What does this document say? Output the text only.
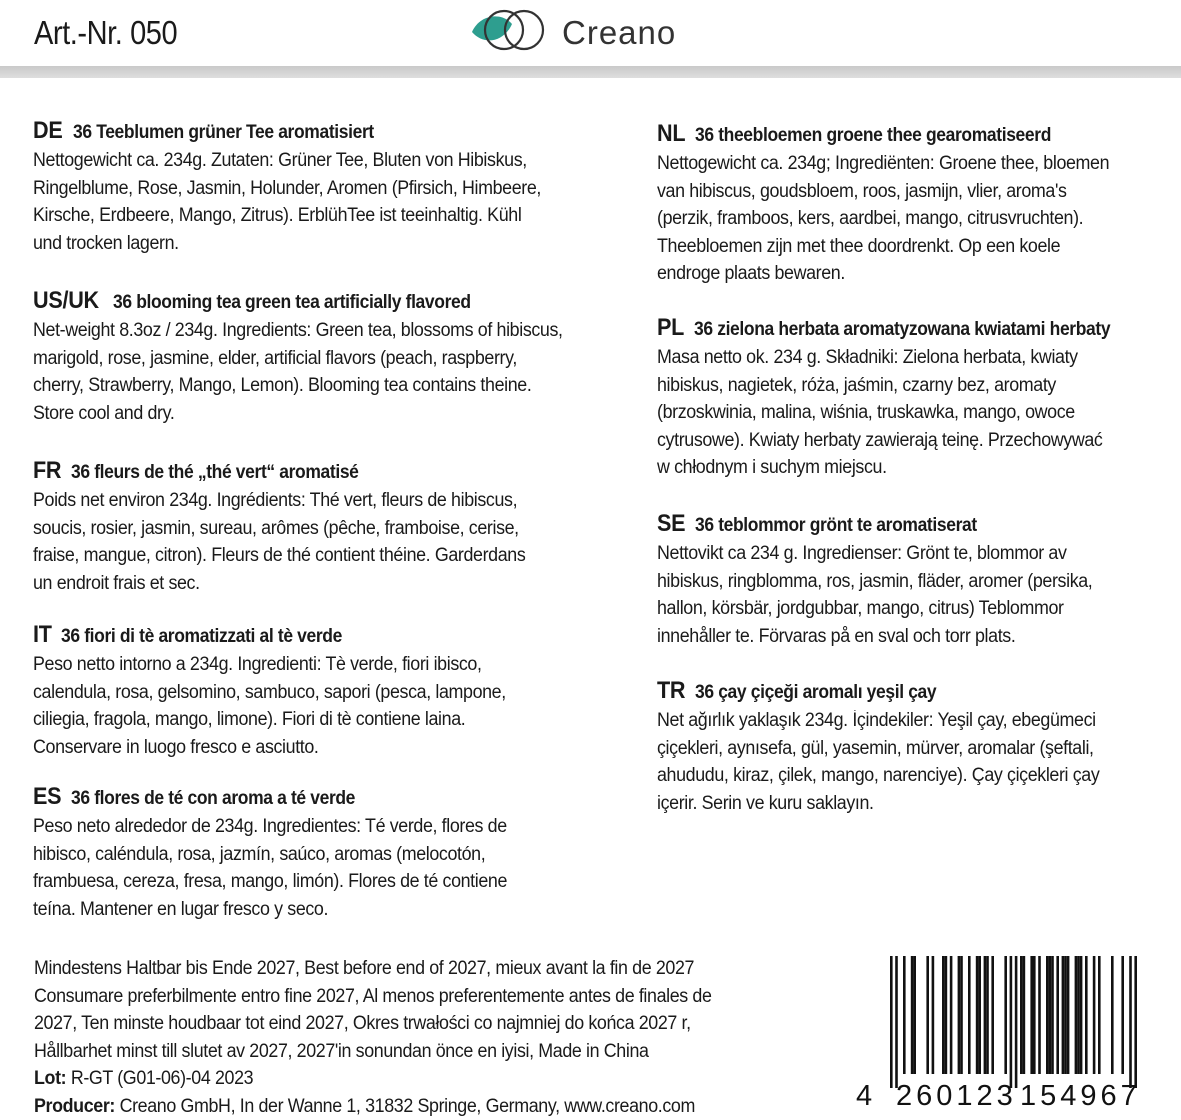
Art.-Nr. 050	Creano
DE 36 Teeblumen grüner Tee aromatisiert
Nettogewicht ca. 234g. Zutaten: Grüner Tee, Bluten von Hibiskus,
Ringelblume, Rose, Jasmin, Holunder, Aromen (Pfirsich, Himbeere,
Kirsche, Erdbeere, Mango, Zitrus). ErblühTee ist teeinhaltig. Kühl
und trocken lagern.
US/UK 36 blooming tea green tea artificially flavored
Net-weight 8.3oz / 234g. Ingredients: Green tea, blossoms of hibiscus,
marigold, rose, jasmine, elder, artificial flavors (peach, raspberry,
cherry, Strawberry, Mango, Lemon). Blooming tea contains theine.
Store cool and dry.
FR 36 fleurs de thé „thé vert“ aromatisé
Poids net environ 234g. Ingrédients: Thé vert, fleurs de hibiscus,
soucis, rosier, jasmin, sureau, arômes (pêche, framboise, cerise,
fraise, mangue, citron). Fleurs de thé contient théine. Garderdans
un endroit frais et sec.
IT 36 fiori di tè aromatizzati al tè verde
Peso netto intorno a 234g. Ingredienti: Tè verde, fiori ibisco,
calendula, rosa, gelsomino, sambuco, sapori (pesca, lampone,
ciliegia, fragola, mango, limone). Fiori di tè contiene laina.
Conservare in luogo fresco e asciutto.
ES 36 flores de té con aroma a té verde
Peso neto alrededor de 234g. Ingredientes: Té verde, flores de
hibisco, caléndula, rosa, jazmín, saúco, aromas (melocotón,
frambuesa, cereza, fresa, mango, limón). Flores de té contiene
teína. Mantener en lugar fresco y seco.
NL 36 theebloemen groene thee gearomatiseerd
Nettogewicht ca. 234g; Ingrediënten: Groene thee, bloemen
van hibiscus, goudsbloem, roos, jasmijn, vlier, aroma's
(perzik, framboos, kers, aardbei, mango, citrusvruchten).
Theebloemen zijn met thee doordrenkt. Op een koele
endroge plaats bewaren.
PL 36 zielona herbata aromatyzowana kwiatami herbaty
Masa netto ok. 234 g. Składniki: Zielona herbata, kwiaty
hibiskus, nagietek, róża, jaśmin, czarny bez, aromaty
(brzoskwinia, malina, wiśnia, truskawka, mango, owoce
cytrusowe). Kwiaty herbaty zawierają teinę. Przechowywać
w chłodnym i suchym miejscu.
SE 36 teblommor grönt te aromatiserat
Nettovikt ca 234 g. Ingredienser: Grönt te, blommor av
hibiskus, ringblomma, ros, jasmin, fläder, aromer (persika,
hallon, körsbär, jordgubbar, mango, citrus) Teblommor
innehåller te. Förvaras på en sval och torr plats.
TR 36 çay çiçeği aromalı yeşil çay
Net ağırlık yaklaşık 234g. İçindekiler: Yeşil çay, ebegümeci
çiçekleri, aynısefa, gül, yasemin, mürver, aromalar (şeftali,
ahududu, kiraz, çilek, mango, narenciye). Çay çiçekleri çay
içerir. Serin ve kuru saklayın.
Mindestens Haltbar bis Ende 2027, Best before end of 2027, mieux avant la fin de 2027
Consumare preferbilmente entro fine 2027, Al menos preferentemente antes de finales de
2027, Ten minste houdbaar tot eind 2027, Okres trwałości co najmniej do końca 2027 r,
Hållbarhet minst till slutet av 2027, 2027'in sonundan önce en iyisi, Made in China
Lot: R-GT (G01-06)-04 2023
Producer: Creano GmbH, In der Wanne 1, 31832 Springe, Germany, www.creano.com	4 260123 154967
